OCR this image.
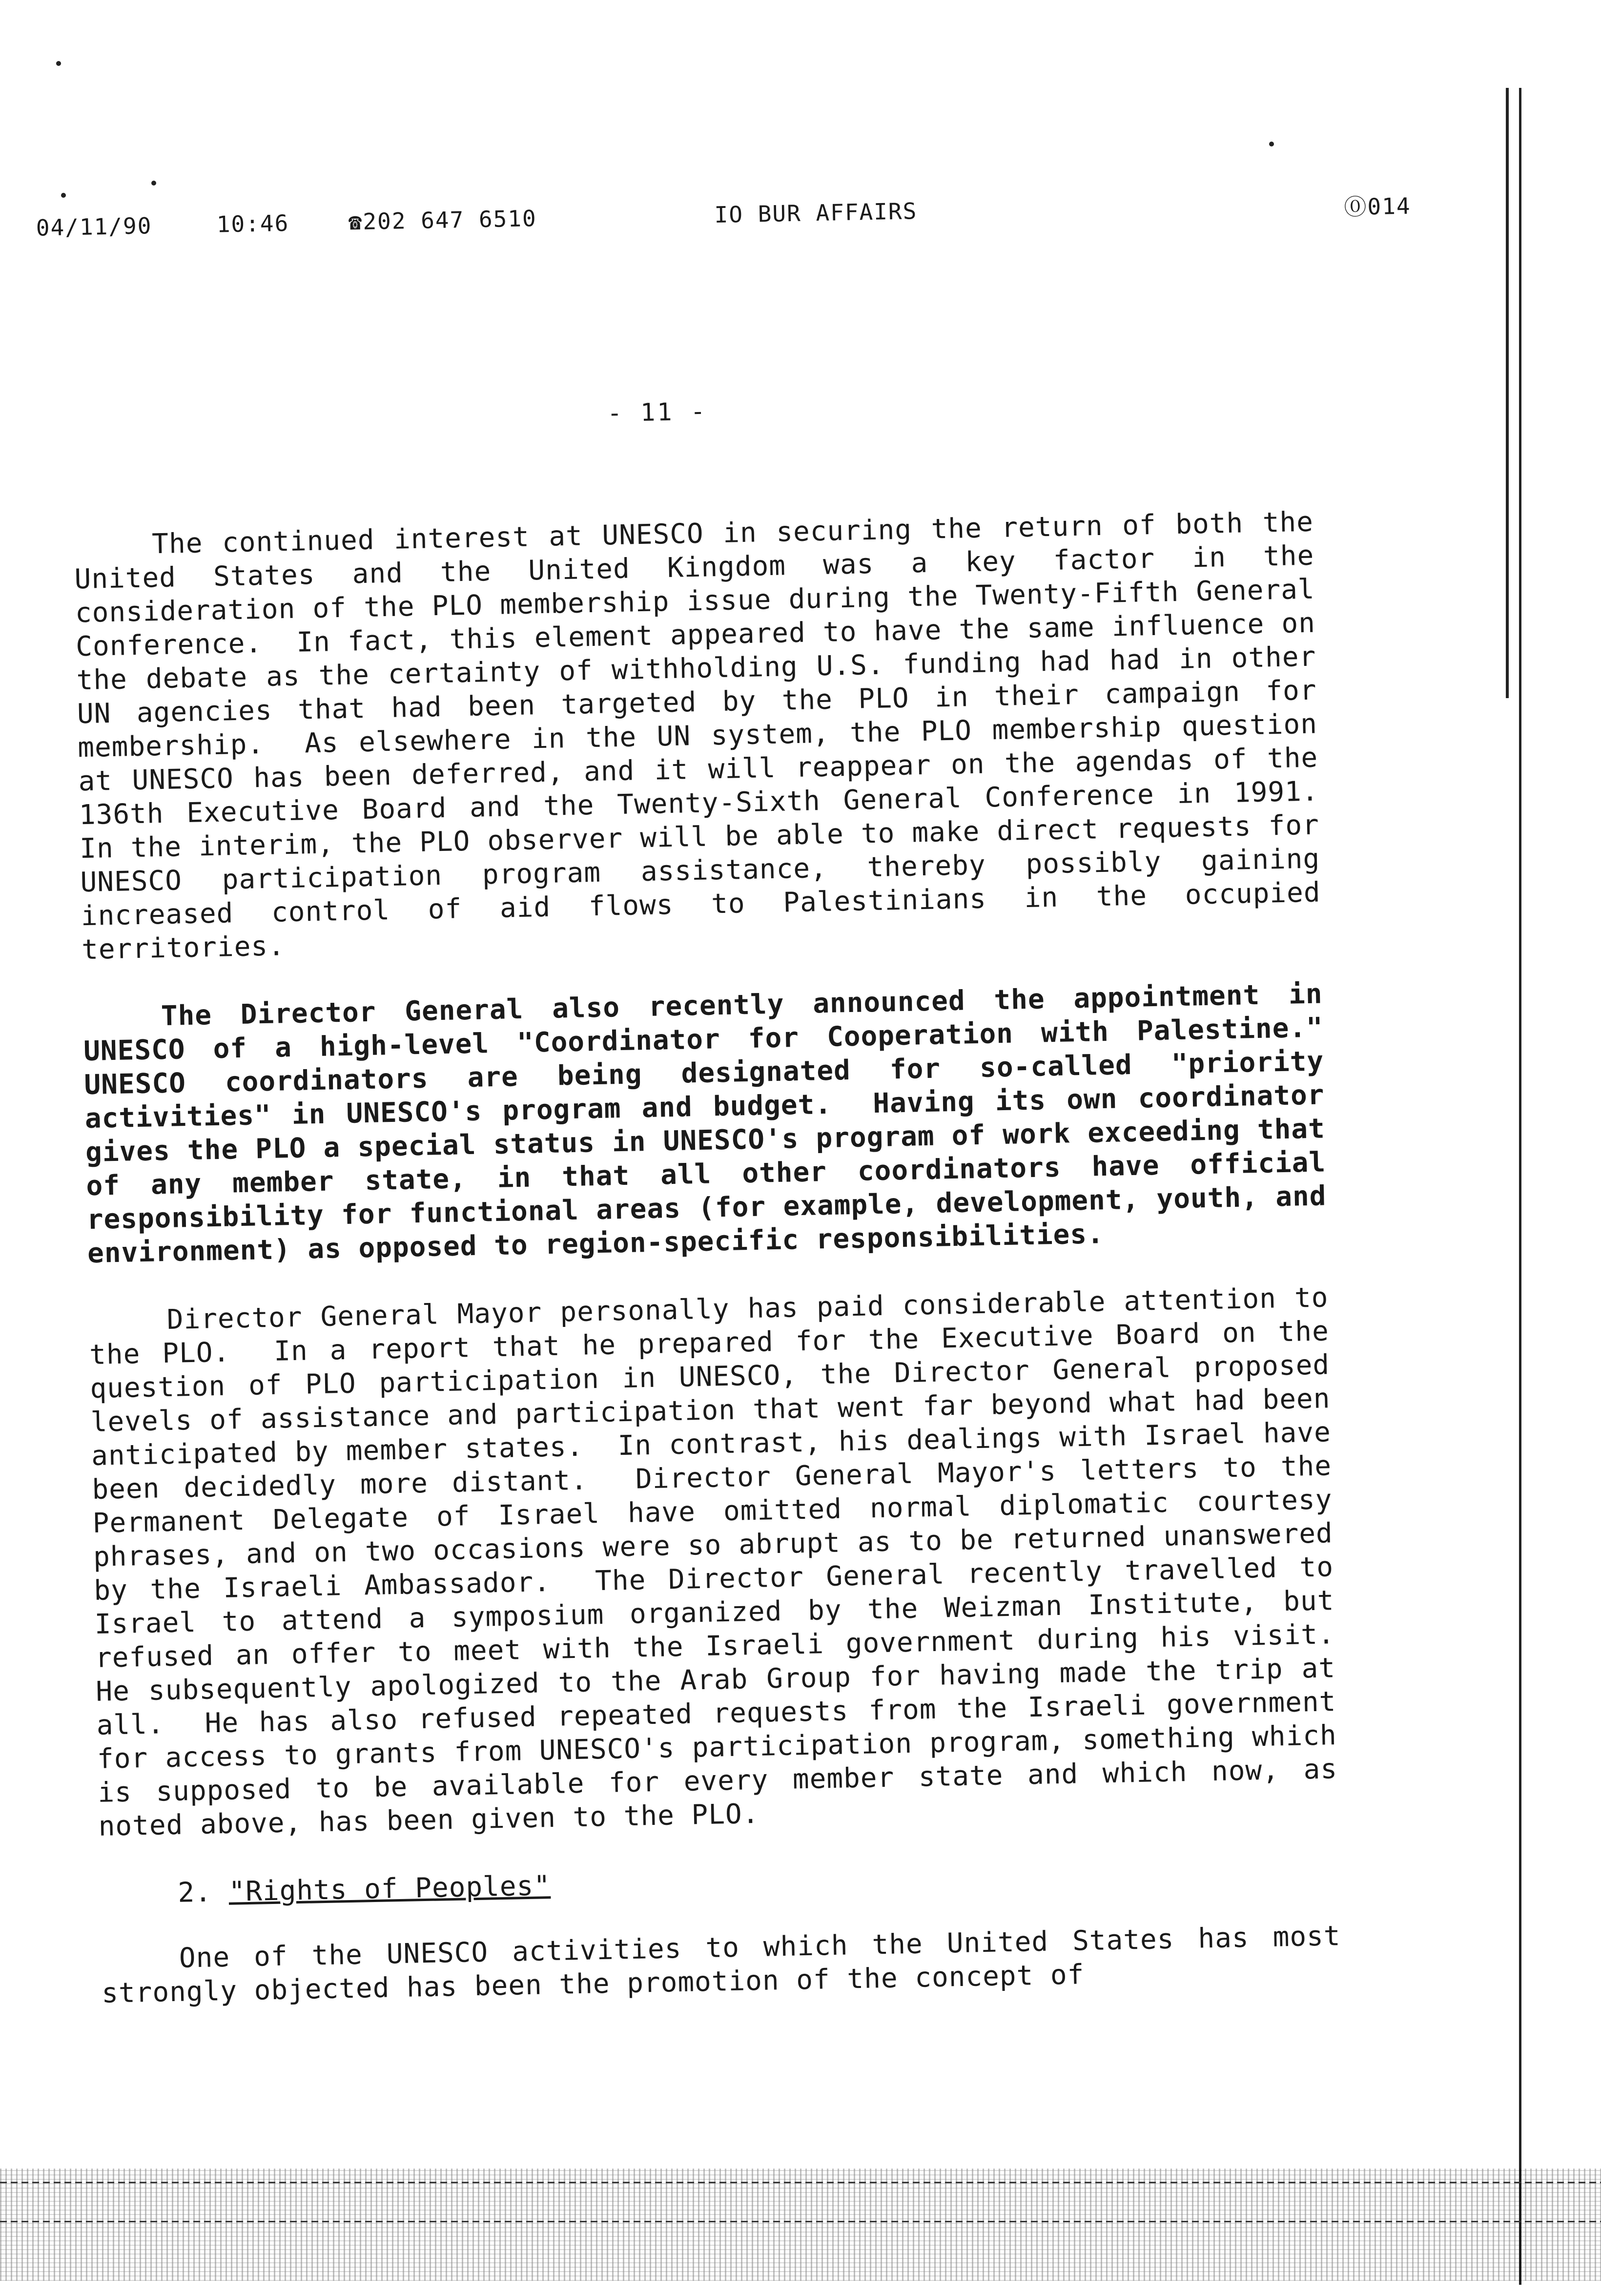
04/11/90	10:46	☎202 647 6510	IO BUR AFFAIRS	⓪014
- 11 -

The continued interest at UNESCO in securing the return of both the United States and the United Kingdom was a key factor in the consideration of the PLO membership issue during the Twenty-Fifth General Conference.  In fact, this element appeared to have the same influence on the debate as the certainty of withholding U.S. funding had had in other UN agencies that had been targeted by the PLO in their campaign for membership.  As elsewhere in the UN system, the PLO membership question at UNESCO has been deferred, and it will reappear on the agendas of the 136th Executive Board and the Twenty-Sixth General Conference in 1991.  In the interim, the PLO observer will be able to make direct requests for UNESCO participation program assistance, thereby possibly gaining increased control of aid flows to Palestinians in the occupied territories.

The Director General also recently announced the appointment in UNESCO of a high-level "Coordinator for Cooperation with Palestine."  UNESCO coordinators are being designated for so-called "priority activities" in UNESCO's program and budget.  Having its own coordinator gives the PLO a special status in UNESCO's program of work exceeding that of any member state, in that all other coordinators have official responsibility for functional areas (for example, development, youth, and environment) as opposed to region-specific responsibilities.

Director General Mayor personally has paid considerable attention to the PLO.  In a report that he prepared for the Executive Board on the question of PLO participation in UNESCO, the Director General proposed levels of assistance and participation that went far beyond what had been anticipated by member states.  In contrast, his dealings with Israel have been decidedly more distant.  Director General Mayor's letters to the Permanent Delegate of Israel have omitted normal diplomatic courtesy phrases, and on two occasions were so abrupt as to be returned unanswered by the Israeli Ambassador.  The Director General recently travelled to Israel to attend a symposium organized by the Weizman Institute, but refused an offer to meet with the Israeli government during his visit.  He subsequently apologized to the Arab Group for having made the trip at all.  He has also refused repeated requests from the Israeli government for access to grants from UNESCO's participation program, something which is supposed to be available for every member state and which now, as noted above, has been given to the PLO.

2. "Rights of Peoples"

One of the UNESCO activities to which the United States has most strongly objected has been the promotion of the concept of
